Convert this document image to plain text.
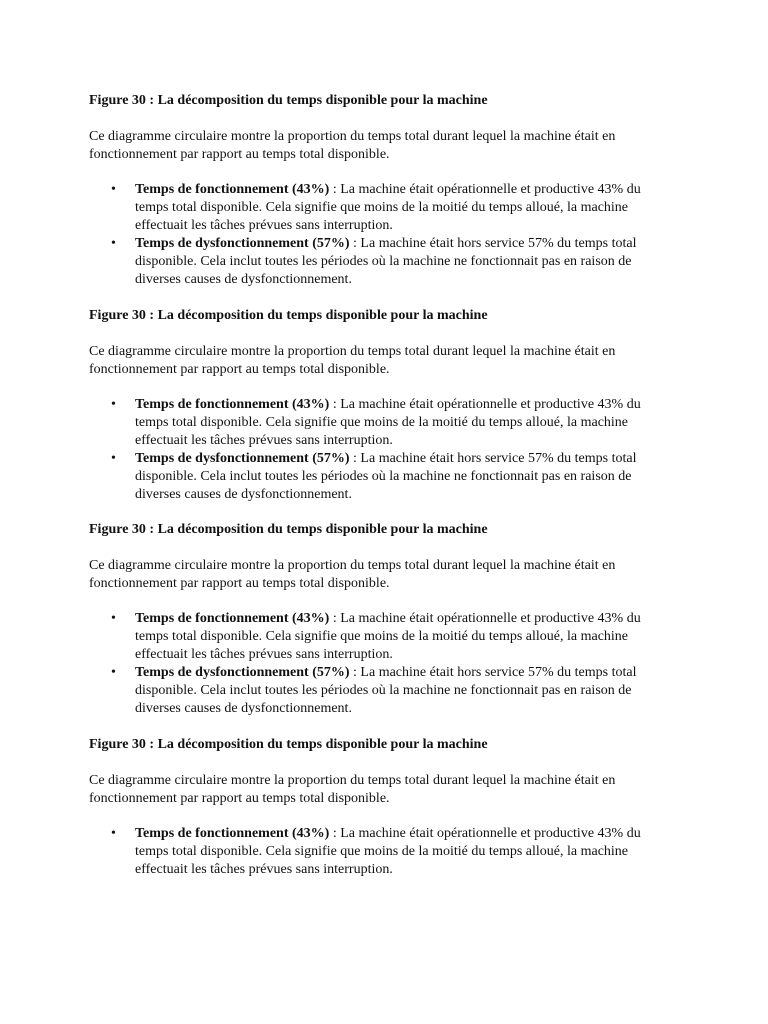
Figure 30 : La décomposition du temps disponible pour la machine
Ce diagramme circulaire montre la proportion du temps total durant lequel la machine était en fonctionnement par rapport au temps total disponible.
• Temps de fonctionnement (43%) : La machine était opérationnelle et productive 43% du temps total disponible. Cela signifie que moins de la moitié du temps alloué, la machine effectuait les tâches prévues sans interruption.
• Temps de dysfonctionnement (57%) : La machine était hors service 57% du temps total disponible. Cela inclut toutes les périodes où la machine ne fonctionnait pas en raison de diverses causes de dysfonctionnement.
Figure 30 : La décomposition du temps disponible pour la machine
Ce diagramme circulaire montre la proportion du temps total durant lequel la machine était en fonctionnement par rapport au temps total disponible.
• Temps de fonctionnement (43%) : La machine était opérationnelle et productive 43% du temps total disponible. Cela signifie que moins de la moitié du temps alloué, la machine effectuait les tâches prévues sans interruption.
• Temps de dysfonctionnement (57%) : La machine était hors service 57% du temps total disponible. Cela inclut toutes les périodes où la machine ne fonctionnait pas en raison de diverses causes de dysfonctionnement.
Figure 30 : La décomposition du temps disponible pour la machine
Ce diagramme circulaire montre la proportion du temps total durant lequel la machine était en fonctionnement par rapport au temps total disponible.
• Temps de fonctionnement (43%) : La machine était opérationnelle et productive 43% du temps total disponible. Cela signifie que moins de la moitié du temps alloué, la machine effectuait les tâches prévues sans interruption.
• Temps de dysfonctionnement (57%) : La machine était hors service 57% du temps total disponible. Cela inclut toutes les périodes où la machine ne fonctionnait pas en raison de diverses causes de dysfonctionnement.
Figure 30 : La décomposition du temps disponible pour la machine
Ce diagramme circulaire montre la proportion du temps total durant lequel la machine était en fonctionnement par rapport au temps total disponible.
• Temps de fonctionnement (43%) : La machine était opérationnelle et productive 43% du temps total disponible. Cela signifie que moins de la moitié du temps alloué, la machine effectuait les tâches prévues sans interruption.
